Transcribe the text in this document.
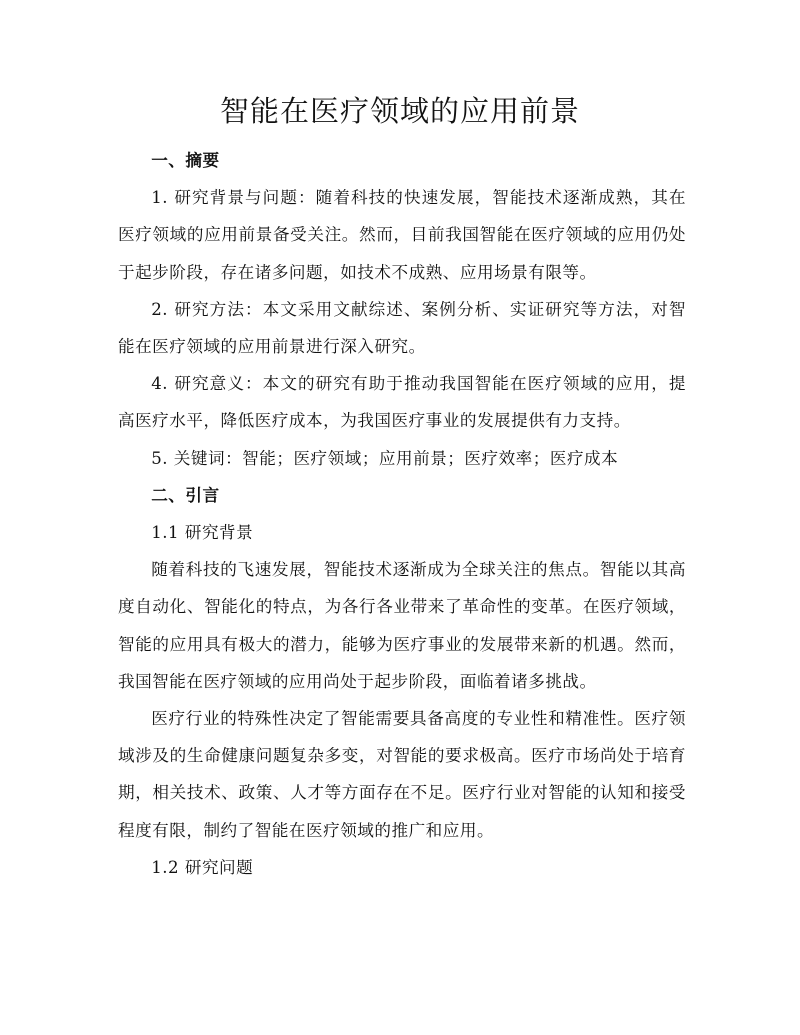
智能在医疗领域的应用前景

一、摘要

1. 研究背景与问题：随着科技的快速发展，智能技术逐渐成熟，其在医疗领域的应用前景备受关注。然而，目前我国智能在医疗领域的应用仍处于起步阶段，存在诸多问题，如技术不成熟、应用场景有限等。

2. 研究方法：本文采用文献综述、案例分析、实证研究等方法，对智能在医疗领域的应用前景进行深入研究。

4. 研究意义：本文的研究有助于推动我国智能在医疗领域的应用，提高医疗水平，降低医疗成本，为我国医疗事业的发展提供有力支持。

5. 关键词：智能；医疗领域；应用前景；医疗效率；医疗成本

二、引言

1.1 研究背景

随着科技的飞速发展，智能技术逐渐成为全球关注的焦点。智能以其高度自动化、智能化的特点，为各行各业带来了革命性的变革。在医疗领域，智能的应用具有极大的潜力，能够为医疗事业的发展带来新的机遇。然而，我国智能在医疗领域的应用尚处于起步阶段，面临着诸多挑战。

医疗行业的特殊性决定了智能需要具备高度的专业性和精准性。医疗领域涉及的生命健康问题复杂多变，对智能的要求极高。医疗市场尚处于培育期，相关技术、政策、人才等方面存在不足。医疗行业对智能的认知和接受程度有限，制约了智能在医疗领域的推广和应用。

1.2 研究问题
